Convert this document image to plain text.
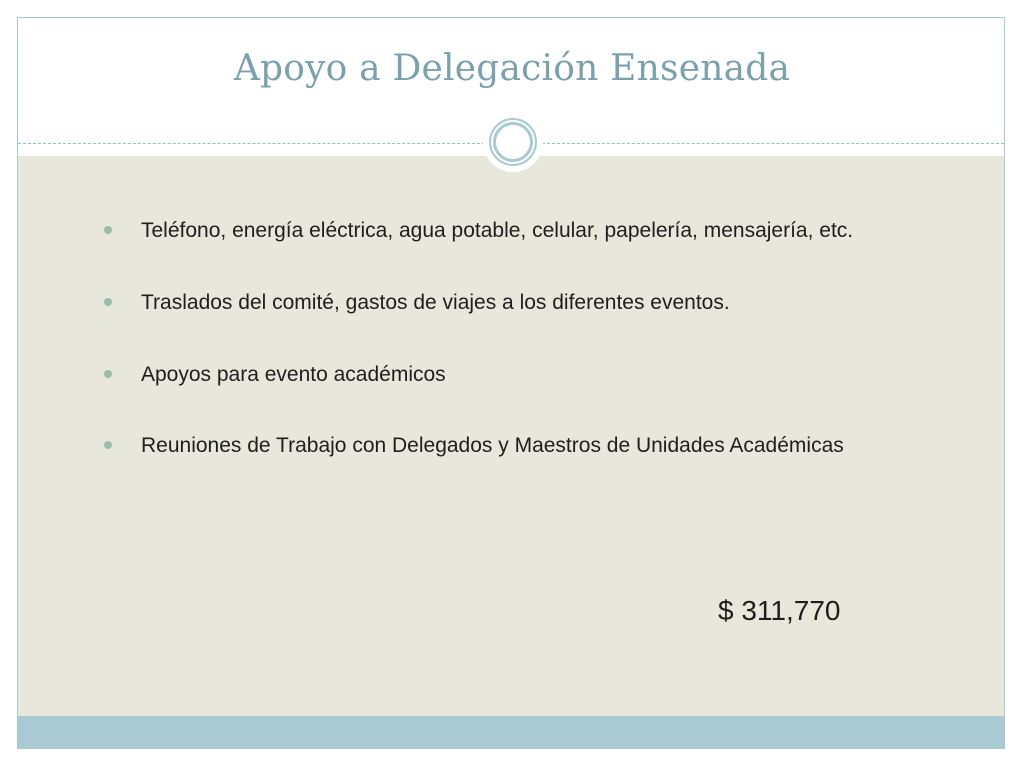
Apoyo a Delegación Ensenada
Teléfono, energía eléctrica, agua potable, celular, papelería, mensajería, etc.
Traslados del comité, gastos de viajes a los diferentes eventos.
Apoyos para evento académicos
Reuniones de Trabajo con Delegados y Maestros de Unidades Académicas
$ 311,770
